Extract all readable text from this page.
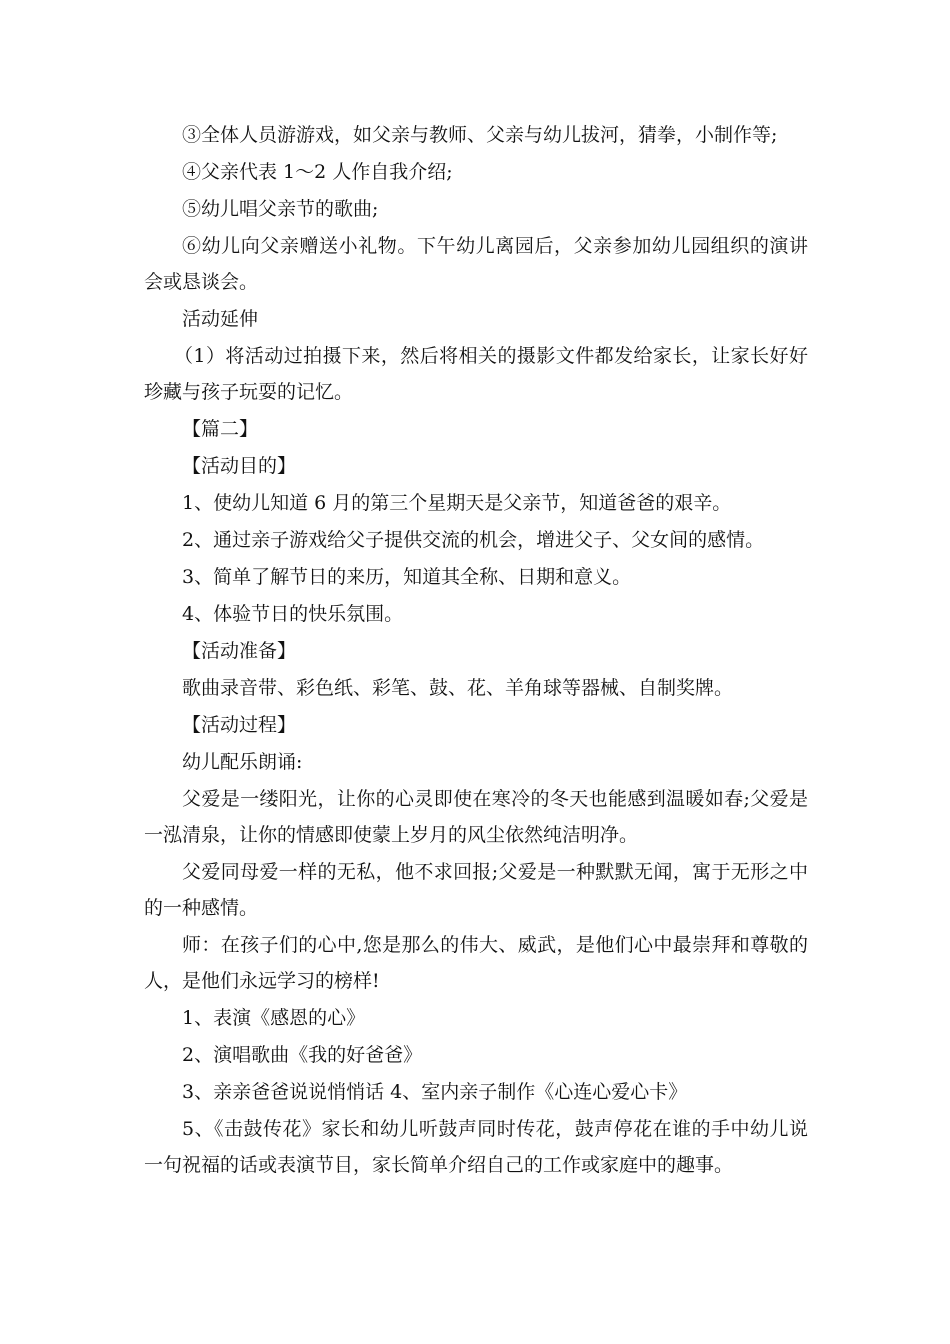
③全体人员游游戏，如父亲与教师、父亲与幼儿拔河，猜拳，小制作等;

④父亲代表 1～2 人作自我介绍;

⑤幼儿唱父亲节的歌曲;

⑥幼儿向父亲赠送小礼物。下午幼儿离园后，父亲参加幼儿园组织的演讲会或恳谈会。

活动延伸

（1）将活动过拍摄下来，然后将相关的摄影文件都发给家长，让家长好好珍藏与孩子玩耍的记忆。

【篇二】

【活动目的】

1、使幼儿知道 6 月的第三个星期天是父亲节，知道爸爸的艰辛。

2、通过亲子游戏给父子提供交流的机会，增进父子、父女间的感情。

3、简单了解节日的来历，知道其全称、日期和意义。

4、体验节日的快乐氛围。

【活动准备】

歌曲录音带、彩色纸、彩笔、鼓、花、羊角球等器械、自制奖牌。

【活动过程】

幼儿配乐朗诵:

父爱是一缕阳光，让你的心灵即使在寒冷的冬天也能感到温暖如春;父爱是一泓清泉，让你的情感即使蒙上岁月的风尘依然纯洁明净。

父爱同母爱一样的无私，他不求回报;父爱是一种默默无闻，寓于无形之中的一种感情。

师：在孩子们的心中,您是那么的伟大、威武，是他们心中最崇拜和尊敬的人，是他们永远学习的榜样!

1、表演《感恩的心》

2、演唱歌曲《我的好爸爸》

3、亲亲爸爸说说悄悄话 4、室内亲子制作《心连心爱心卡》

5、《击鼓传花》家长和幼儿听鼓声同时传花，鼓声停花在谁的手中幼儿说一句祝福的话或表演节目，家长简单介绍自己的工作或家庭中的趣事。
